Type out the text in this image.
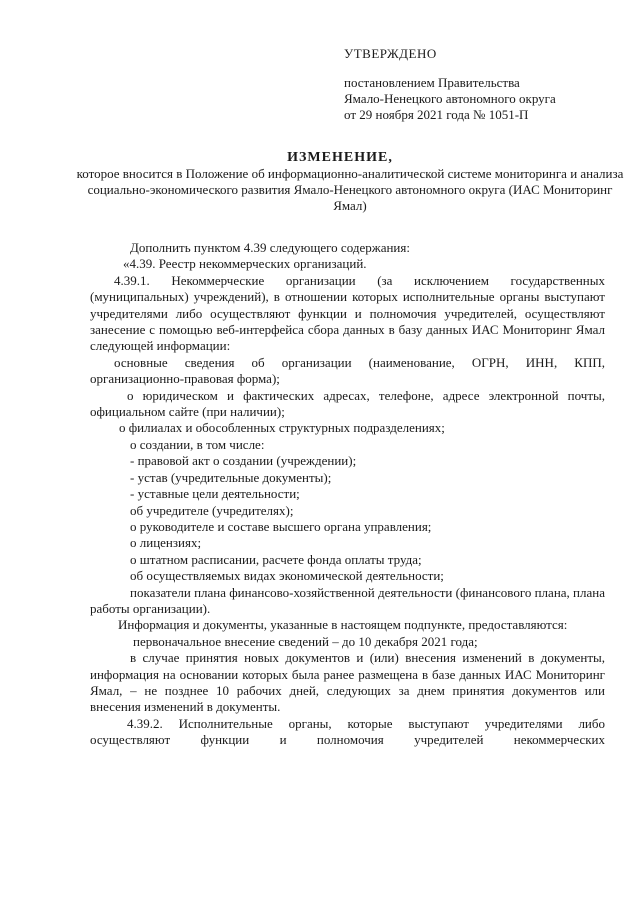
УТВЕРЖДЕНО
постановлением Правительства
Ямало-Ненецкого автономного округа
от 29 ноября 2021 года № 1051-П
ИЗМЕНЕНИЕ,
которое вносится в Положение об информационно-аналитической системе мониторинга и анализа социально-экономического развития Ямало-Ненецкого автономного округа (ИАС Мониторинг Ямал)

Дополнить пунктом 4.39 следующего содержания:

«4.39. Реестр некоммерческих организаций.

4.39.1. Некоммерческие организации (за исключением государственных (муниципальных) учреждений), в отношении которых исполнительные органы выступают учредителями либо осуществляют функции и полномочия учредителей, осуществляют занесение с помощью веб-интерфейса сбора данных в базу данных ИАС Мониторинг Ямал следующей информации:

основные сведения об организации (наименование, ОГРН, ИНН, КПП, организационно-правовая форма);

о юридическом и фактических адресах, телефоне, адресе электронной почты, официальном сайте (при наличии);

о филиалах и обособленных структурных подразделениях;

о создании, в том числе:

- правовой акт о создании (учреждении);

- устав (учредительные документы);

- уставные цели деятельности;

об учредителе (учредителях);

о руководителе и составе высшего органа управления;

о лицензиях;

о штатном расписании, расчете фонда оплаты труда;

об осуществляемых видах экономической деятельности;

показатели плана финансово-хозяйственной деятельности (финансового плана, плана работы организации).

Информация и документы, указанные в настоящем подпункте, предоставляются:

первоначальное внесение сведений – до 10 декабря 2021 года;

в случае принятия новых документов и (или) внесения изменений в документы, информация на основании которых была ранее размещена в базе данных ИАС Мониторинг Ямал, – не позднее 10 рабочих дней, следующих за днем принятия документов или внесения изменений в документы.

4.39.2. Исполнительные органы, которые выступают учредителями либо осуществляют функции и полномочия учредителей некоммерческих
